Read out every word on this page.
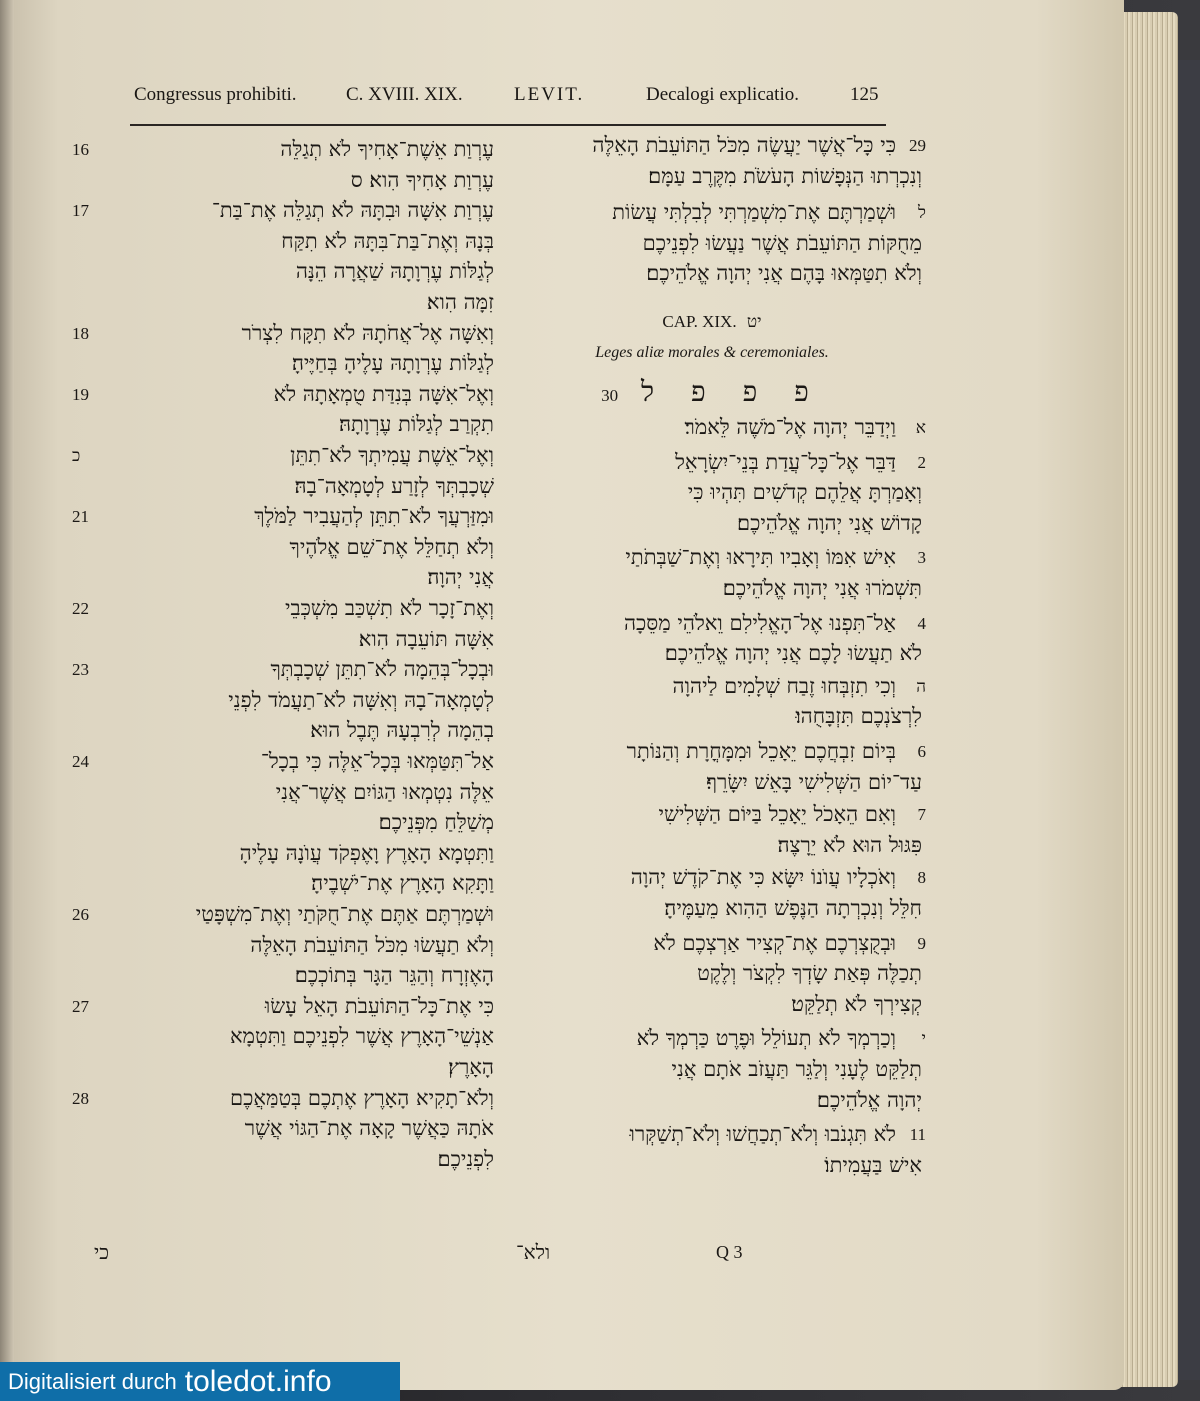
Congressus prohibiti.	C. XVIII. XIX.	LEVIT.	Decalogi explicatio.	125
16	עֶרְוַת אֵשֶׁת־אָחִיךָ לֹא תְגַלֵּה
עֶרְוַת אָחִיךָ הִוא׃ ס
17	עֶרְוַת אִשָּׁה וּבִתָּהּ לֹא תְגַלֵּה אֶת־בַּת־
בְּנָהּ וְאֶת־בַּת־בִּתָּהּ לֹא תִקַּח
לְגַלּוֹת עֶרְוָתָהּ שַׁאֲרָה הֵנָּה
זִמָּה הִוא׃
18	וְאִשָּׁה אֶל־אֲחֹתָהּ לֹא תִקָּח לִצְרֹר
לְגַלּוֹת עֶרְוָתָהּ עָלֶיהָ בְּחַיֶּיהָ׃
19	וְאֶל־אִשָּׁה בְּנִדַּת טֻמְאָתָהּ לֹא
תִקְרַב לְגַלּוֹת עֶרְוָתָהּ׃
כ	וְאֶל־אֵשֶׁת עֲמִיתְךָ לֹא־תִתֵּן
שְׁכָבְתְּךָ לְזָרַע לְטָמְאָה־בָהּ׃
21	וּמִזַּרְעֲךָ לֹא־תִתֵּן לְהַעֲבִיר לַמֹּלֶךְ
וְלֹא תְחַלֵּל אֶת־שֵׁם אֱלֹהֶיךָ
אֲנִי יְהוָה׃
22	וְאֶת־זָכָר לֹא תִשְׁכַּב מִשְׁכְּבֵי
אִשָּׁה תּוֹעֵבָה הִוא׃
23	וּבְכָל־בְּהֵמָה לֹא־תִתֵּן שְׁכָבְתְּךָ
לְטָמְאָה־בָהּ וְאִשָּׁה לֹא־תַעֲמֹד לִפְנֵי
בְהֵמָה לְרִבְעָהּ תֶּבֶל הוּא׃
24	אַל־תִּטַּמְּאוּ בְּכָל־אֵלֶּה כִּי בְכָל־
אֵלֶּה נִטְמְאוּ הַגּוֹיִם אֲשֶׁר־אֲנִי
מְשַׁלֵּחַ מִפְּנֵיכֶם׃
וַתִּטְמָא הָאָרֶץ וָאֶפְקֹד עֲוֺנָהּ עָלֶיהָ
וַתָּקִא הָאָרֶץ אֶת־יֹשְׁבֶיהָ׃
26	וּשְׁמַרְתֶּם אַתֶּם אֶת־חֻקֹּתַי וְאֶת־מִשְׁפָּטַי
וְלֹא תַעֲשׂוּ מִכֹּל הַתּוֹעֵבֹת הָאֵלֶּה
הָאֶזְרָח וְהַגֵּר הַגָּר בְּתוֹכְכֶם׃
27	כִּי אֶת־כָּל־הַתּוֹעֵבֹת הָאֵל עָשׂוּ
אַנְשֵׁי־הָאָרֶץ אֲשֶׁר לִפְנֵיכֶם וַתִּטְמָא
הָאָרֶץ׃
28	וְלֹא־תָקִיא הָאָרֶץ אֶתְכֶם בְּטַמַּאֲכֶם
אֹתָהּ כַּאֲשֶׁר קָאָה אֶת־הַגּוֹי אֲשֶׁר
לִפְנֵיכֶם׃
29
כִּי כָּל־אֲשֶׁר יַעֲשֶׂה מִכֹּל הַתּוֹעֵבֹת הָאֵלֶּה
וְנִכְרְתוּ הַנְּפָשׁוֹת הָעֹשֹׂת מִקֶּרֶב עַמָּם׃
ל
וּשְׁמַרְתֶּם אֶת־מִשְׁמַרְתִּי לְבִלְתִּי עֲשׂוֹת
מֵחֻקּוֹת הַתּוֹעֵבֹת אֲשֶׁר נַעֲשׂוּ לִפְנֵיכֶם
וְלֹא תִטַּמְּאוּ בָּהֶם אֲנִי יְהוָה אֱלֹהֵיכֶם׃
CAP. XIX. יט
Leges aliæ morales & ceremoniales.
פ פ פ ל 30
א
וַיְדַבֵּר יְהוָה אֶל־מֹשֶׁה לֵּאמֹר׃
2
דַּבֵּר אֶל־כָּל־עֲדַת בְּנֵי־יִשְׂרָאֵל
וְאָמַרְתָּ אֲלֵהֶם קְדֹשִׁים תִּהְיוּ כִּי
קָדוֹשׁ אֲנִי יְהוָה אֱלֹהֵיכֶם׃
3
אִישׁ אִמּוֹ וְאָבִיו תִּירָאוּ וְאֶת־שַׁבְּתֹתַי
תִּשְׁמֹרוּ אֲנִי יְהוָה אֱלֹהֵיכֶם׃
4
אַל־תִּפְנוּ אֶל־הָאֱלִילִם וֵאלֹהֵי מַסֵּכָה
לֹא תַעֲשׂוּ לָכֶם אֲנִי יְהוָה אֱלֹהֵיכֶם׃
ה
וְכִי תִזְבְּחוּ זֶבַח שְׁלָמִים לַיהוָה
לִרְצֹנְכֶם תִּזְבָּחֻהוּ׃
6
בְּיוֹם זִבְחֲכֶם יֵאָכֵל וּמִמָּחֳרָת וְהַנּוֹתָר
עַד־יוֹם הַשְּׁלִישִׁי בָּאֵשׁ יִשָּׂרֵף׃
7
וְאִם הֵאָכֹל יֵאָכֵל בַּיּוֹם הַשְּׁלִישִׁי
פִּגּוּל הוּא לֹא יֵרָצֶה׃
8
וְאֹכְלָיו עֲוֺנוֹ יִשָּׂא כִּי אֶת־קֹדֶשׁ יְהוָה
חִלֵּל וְנִכְרְתָה הַנֶּפֶשׁ הַהִוא מֵעַמֶּיהָ׃
9
וּבְקֻצְרְכֶם אֶת־קְצִיר אַרְצְכֶם לֹא
תְכַלֶּה פְּאַת שָׂדְךָ לִקְצֹר וְלֶקֶט
קְצִירְךָ לֹא תְלַקֵּט׃
י
וְכַרְמְךָ לֹא תְעוֹלֵל וּפֶרֶט כַּרְמְךָ לֹא
תְלַקֵּט לֶעָנִי וְלַגֵּר תַּעֲזֹב אֹתָם אֲנִי
יְהוָה אֱלֹהֵיכֶם׃
11
לֹא תִּגְנֹבוּ וְלֹא־תְכַחֲשׁוּ וְלֹא־תְשַׁקְּרוּ
אִישׁ בַּעֲמִיתוֹ׃
ולא־	Q 3
כי
Digitalisiert durch toledot.info
